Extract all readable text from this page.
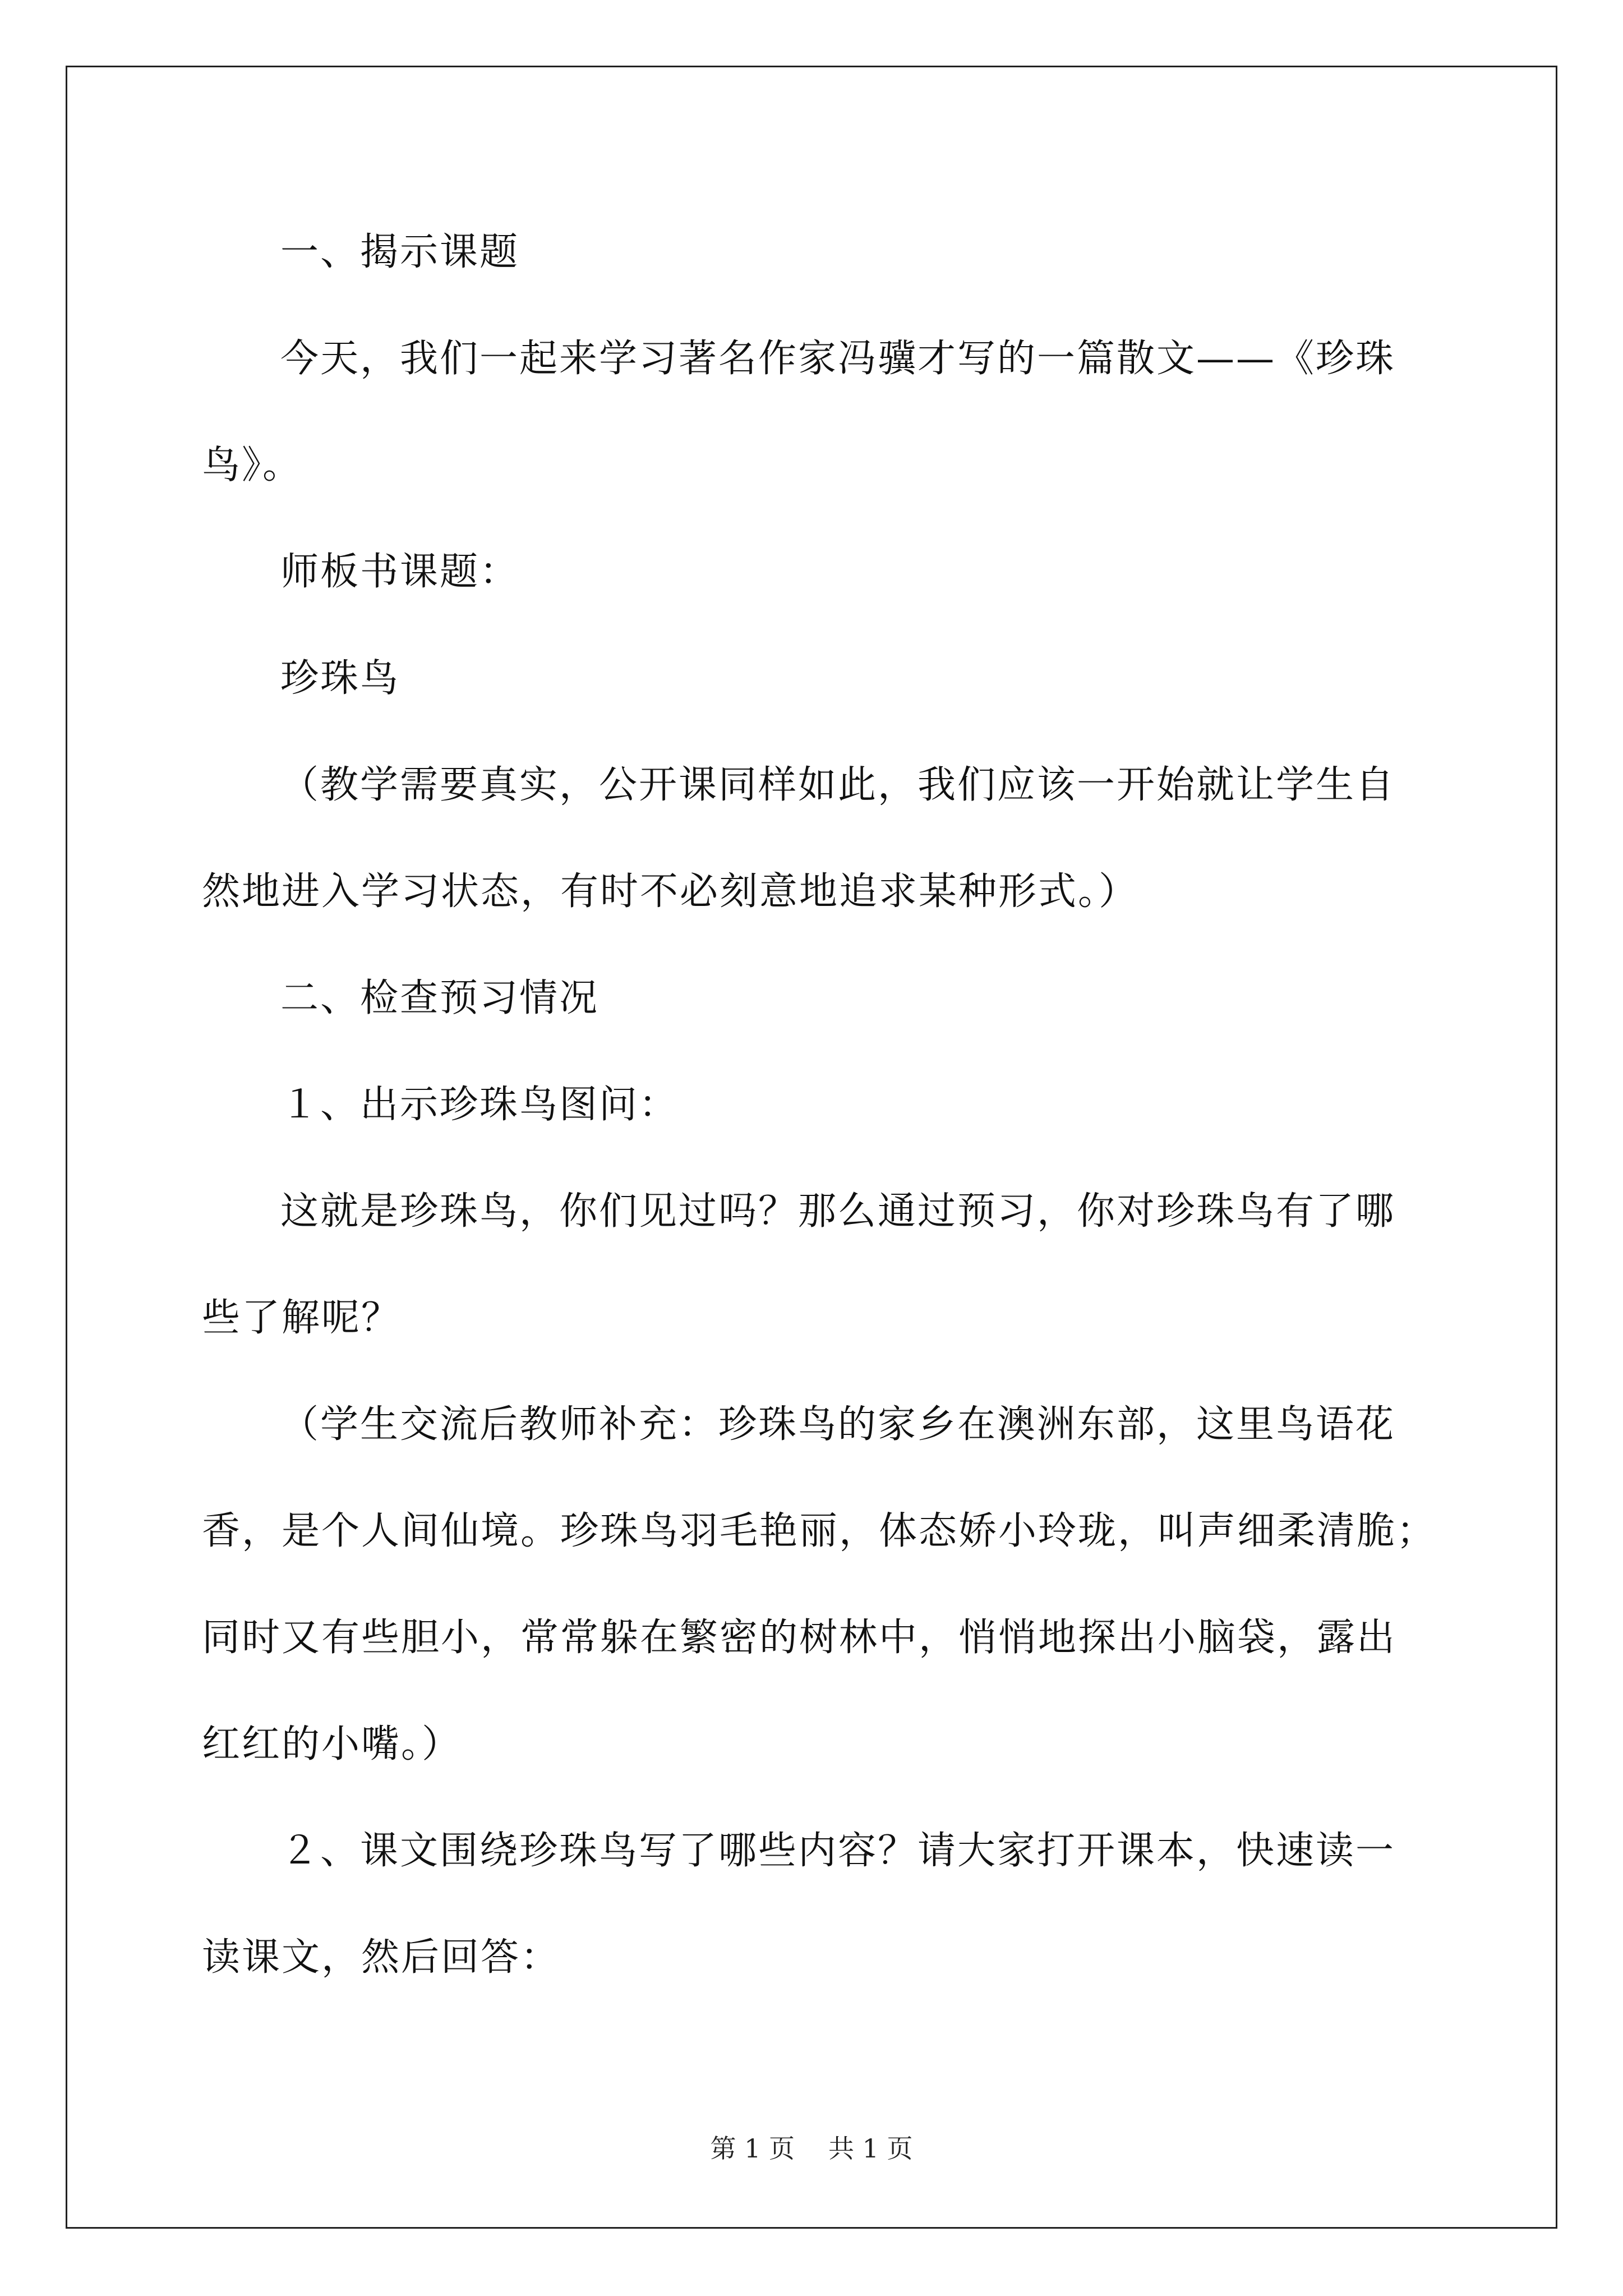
一、揭示课题

今天，我们一起来学习著名作家冯骥才写的一篇散文——《珍珠

鸟》。

师板书课题：

珍珠鸟

（教学需要真实，公开课同样如此，我们应该一开始就让学生自

然地进入学习状态，有时不必刻意地追求某种形式。）

二、检查预习情况

１、出示珍珠鸟图问：

这就是珍珠鸟，你们见过吗？那么通过预习，你对珍珠鸟有了哪

些了解呢？

（学生交流后教师补充：珍珠鸟的家乡在澳洲东部，这里鸟语花

香，是个人间仙境。珍珠鸟羽毛艳丽，体态娇小玲珑，叫声细柔清脆；

同时又有些胆小，常常躲在繁密的树林中，悄悄地探出小脑袋，露出

红红的小嘴。）

２、课文围绕珍珠鸟写了哪些内容？请大家打开课本，快速读一

读课文，然后回答：

第 1 页 共 1 页
